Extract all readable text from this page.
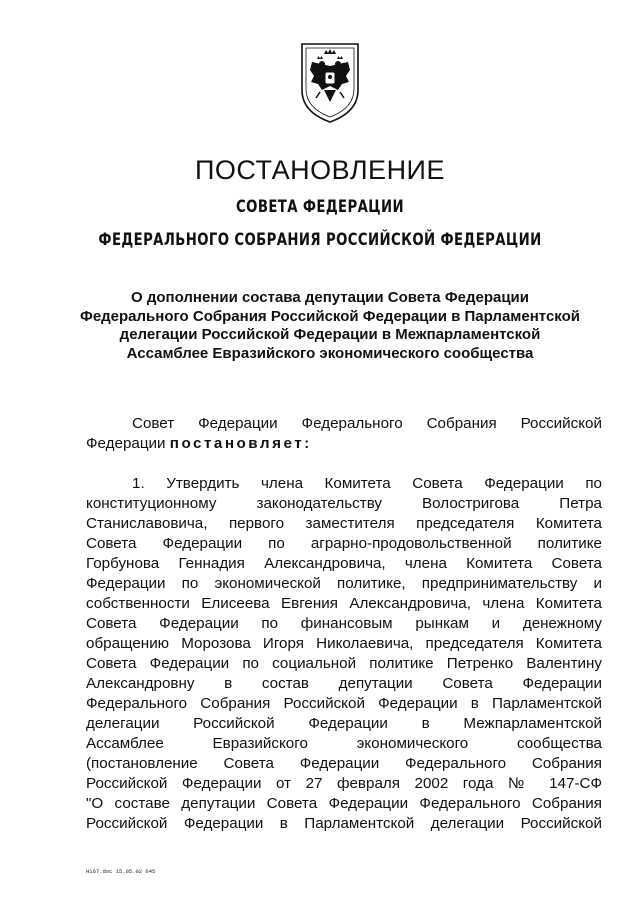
ПОСТАНОВЛЕНИЕ
СОВЕТА ФЕДЕРАЦИИ
ФЕДЕРАЛЬНОГО СОБРАНИЯ РОССИЙСКОЙ ФЕДЕРАЦИИ
О дополнении состава депутации Совета Федерации
Федерального Собрания Российской Федерации в Парламентской
делегации Российской Федерации в Межпарламентской
Ассамблее Евразийского экономического сообщества
Совет Федерации Федерального Собрания Российской
Федерации постановляет:
1. Утвердить члена Комитета Совета Федерации по
конституционному законодательству Волостригова Петра
Станиславовича, первого заместителя председателя Комитета
Совета Федерации по аграрно-продовольственной политике
Горбунова Геннадия Александровича, члена Комитета Совета
Федерации по экономической политике, предпринимательству и
собственности Елисеева Евгения Александровича, члена Комитета
Совета Федерации по финансовым рынкам и денежному
обращению Морозова Игоря Николаевича, председателя Комитета
Совета Федерации по социальной политике Петренко Валентину
Александровну в состав депутации Совета Федерации
Федерального Собрания Российской Федерации в Парламентской
делегации Российской Федерации в Межпарламентской
Ассамблее Евразийского экономического сообщества
(постановление Совета Федерации Федерального Собрания
Российской Федерации от 27 февраля 2002 года № 147-СФ
"О составе депутации Совета Федерации Федерального Собрания
Российской Федерации в Парламентской делегации Российской
Н167.doc 15.05.02 645
